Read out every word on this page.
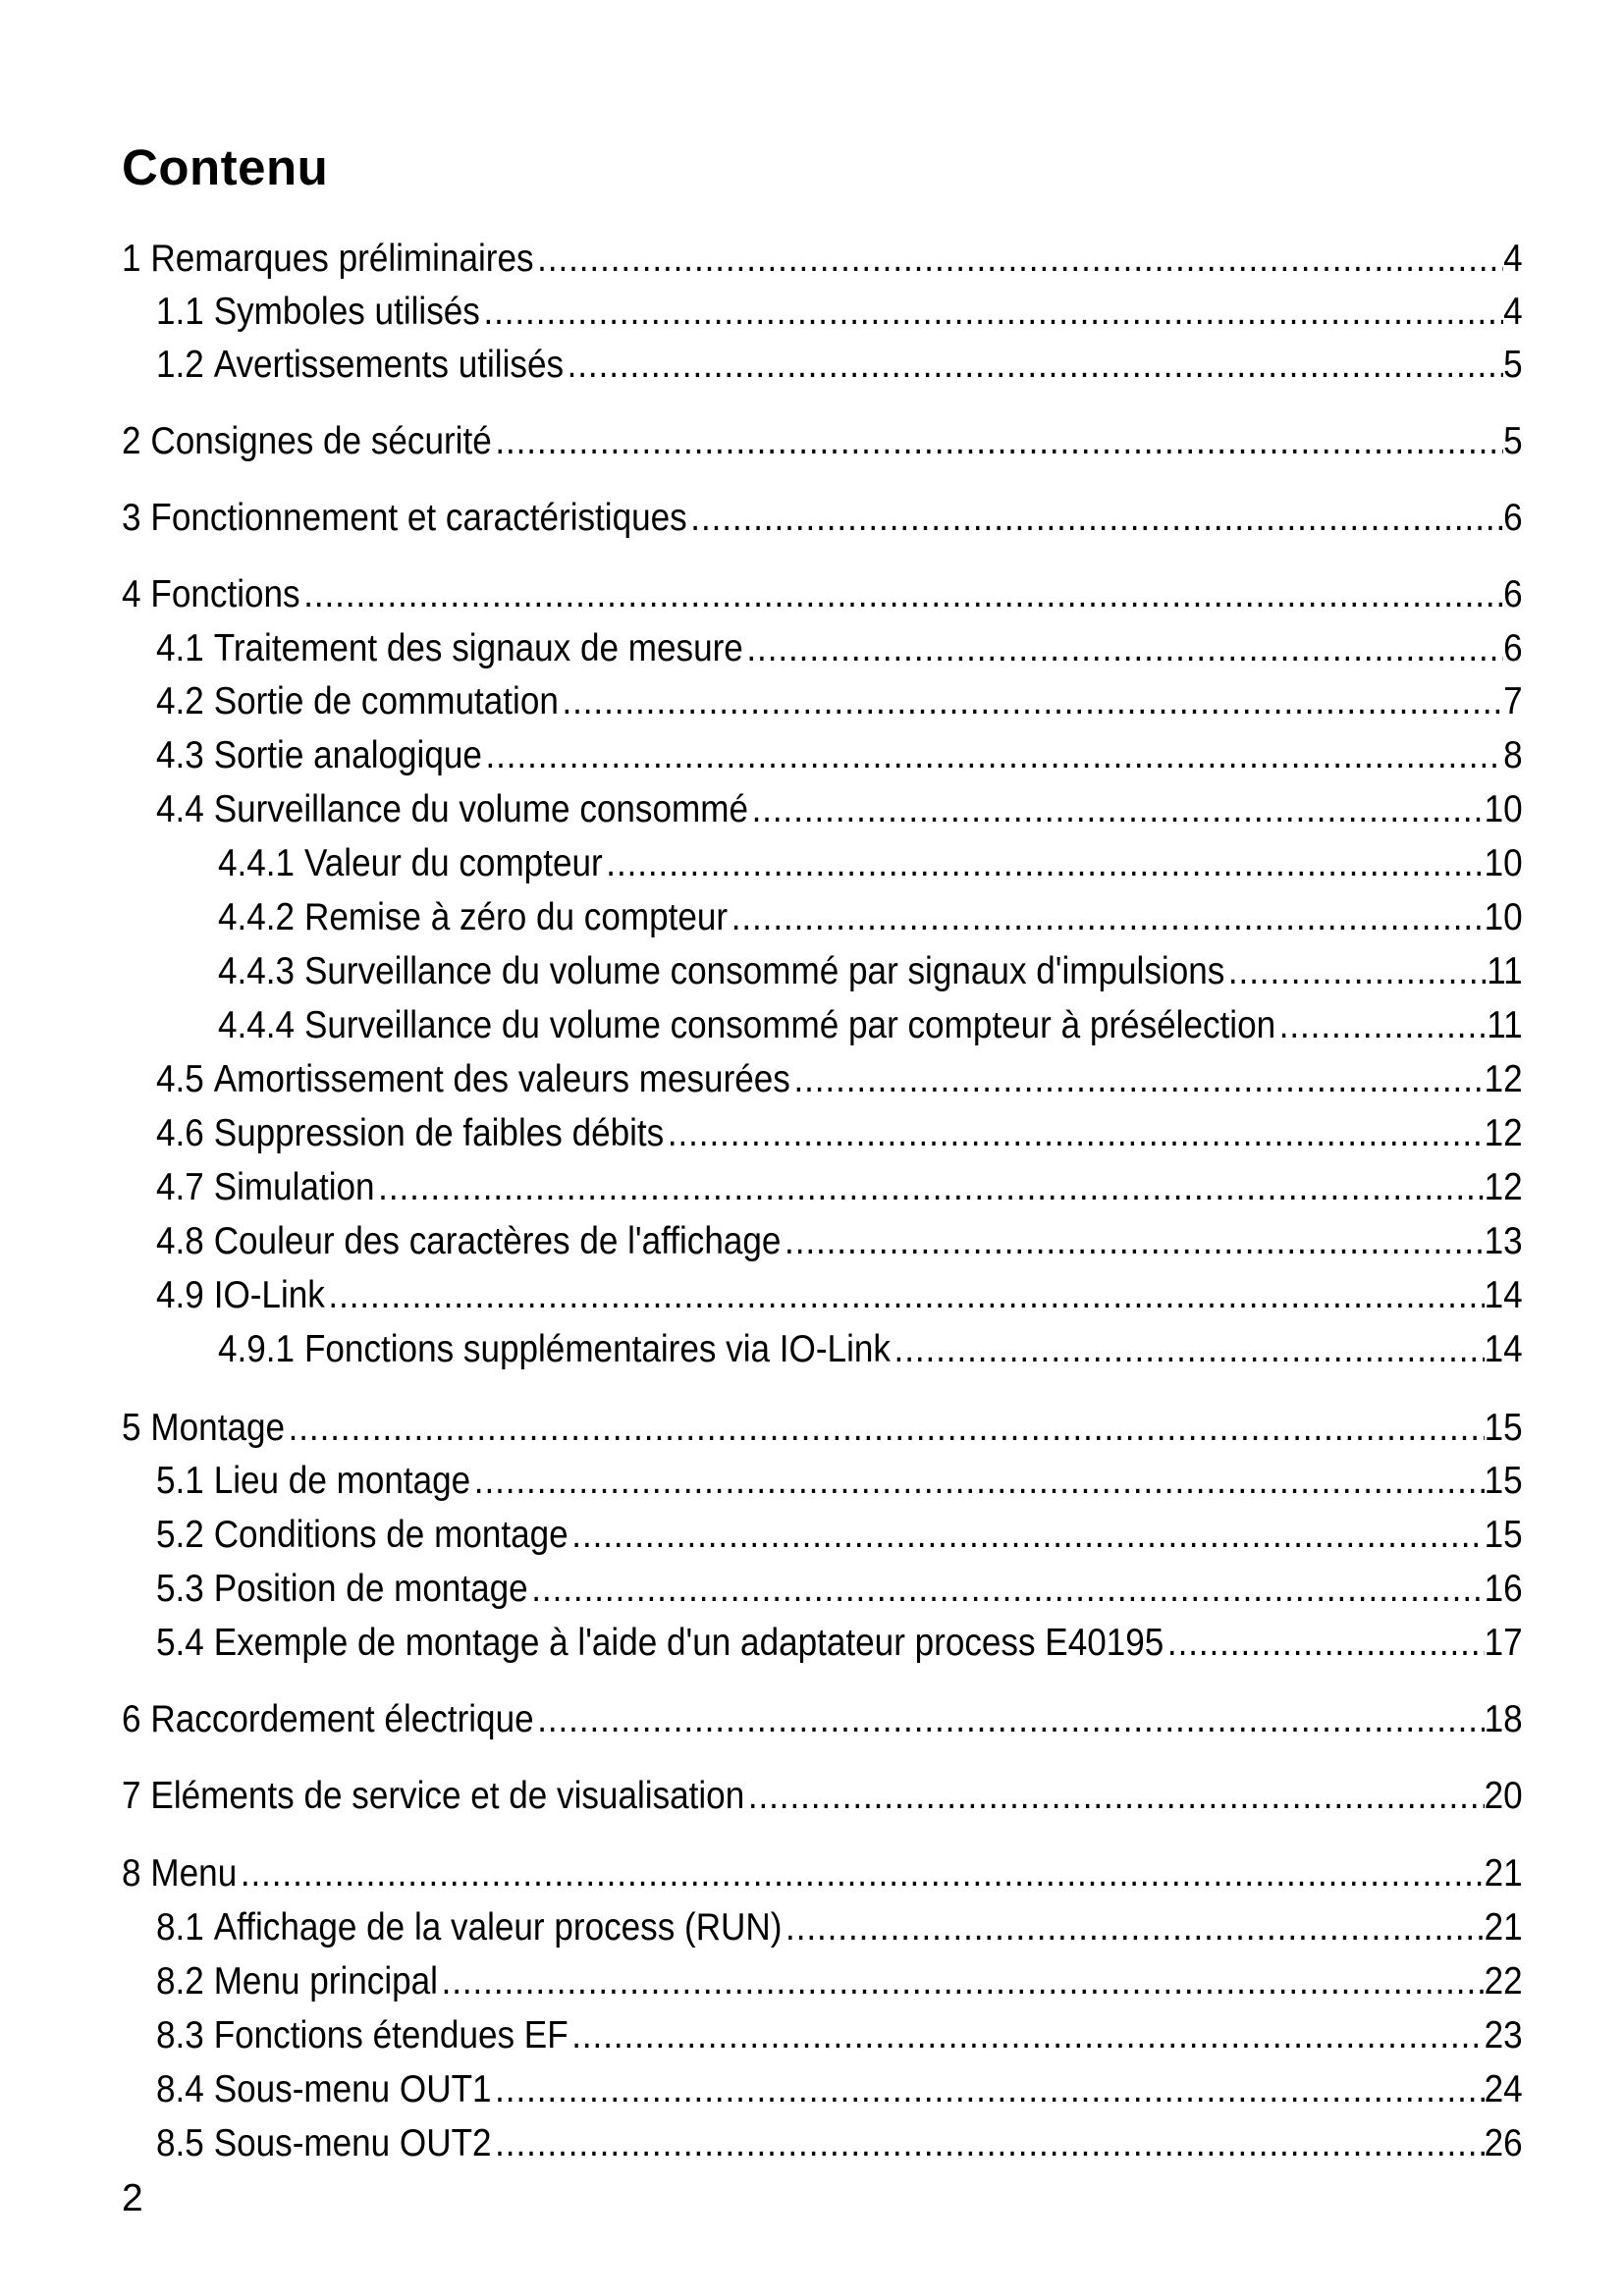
Contenu
1 Remarques préliminaires .....	4
1.1 Symboles utilisés .....	4
1.2 Avertissements utilisés .....	5
2 Consignes de sécurité .....	5
3 Fonctionnement et caractéristiques .....	6
4 Fonctions .....	6
4.1 Traitement des signaux de mesure .....	6
4.2 Sortie de commutation .....	7
4.3 Sortie analogique .....	8
4.4 Surveillance du volume consommé .....	10
4.4.1 Valeur du compteur .....	10
4.4.2 Remise à zéro du compteur .....	10
4.4.3 Surveillance du volume consommé par signaux d'impulsions .....	11
4.4.4 Surveillance du volume consommé par compteur à présélection .....	11
4.5 Amortissement des valeurs mesurées .....	12
4.6 Suppression de faibles débits .....	12
4.7 Simulation .....	12
4.8 Couleur des caractères de l'affichage .....	13
4.9 IO-Link .....	14
4.9.1 Fonctions supplémentaires via IO-Link .....	14
5 Montage .....	15
5.1 Lieu de montage .....	15
5.2 Conditions de montage .....	15
5.3 Position de montage .....	16
5.4 Exemple de montage à l'aide d'un adaptateur process E40195 .....	17
6 Raccordement électrique .....	18
7 Eléments de service et de visualisation .....	20
8 Menu .....	21
8.1 Affichage de la valeur process (RUN) .....	21
8.2 Menu principal .....	22
8.3 Fonctions étendues EF .....	23
8.4 Sous-menu OUT1 .....	24
8.5 Sous-menu OUT2 .....	26

2
